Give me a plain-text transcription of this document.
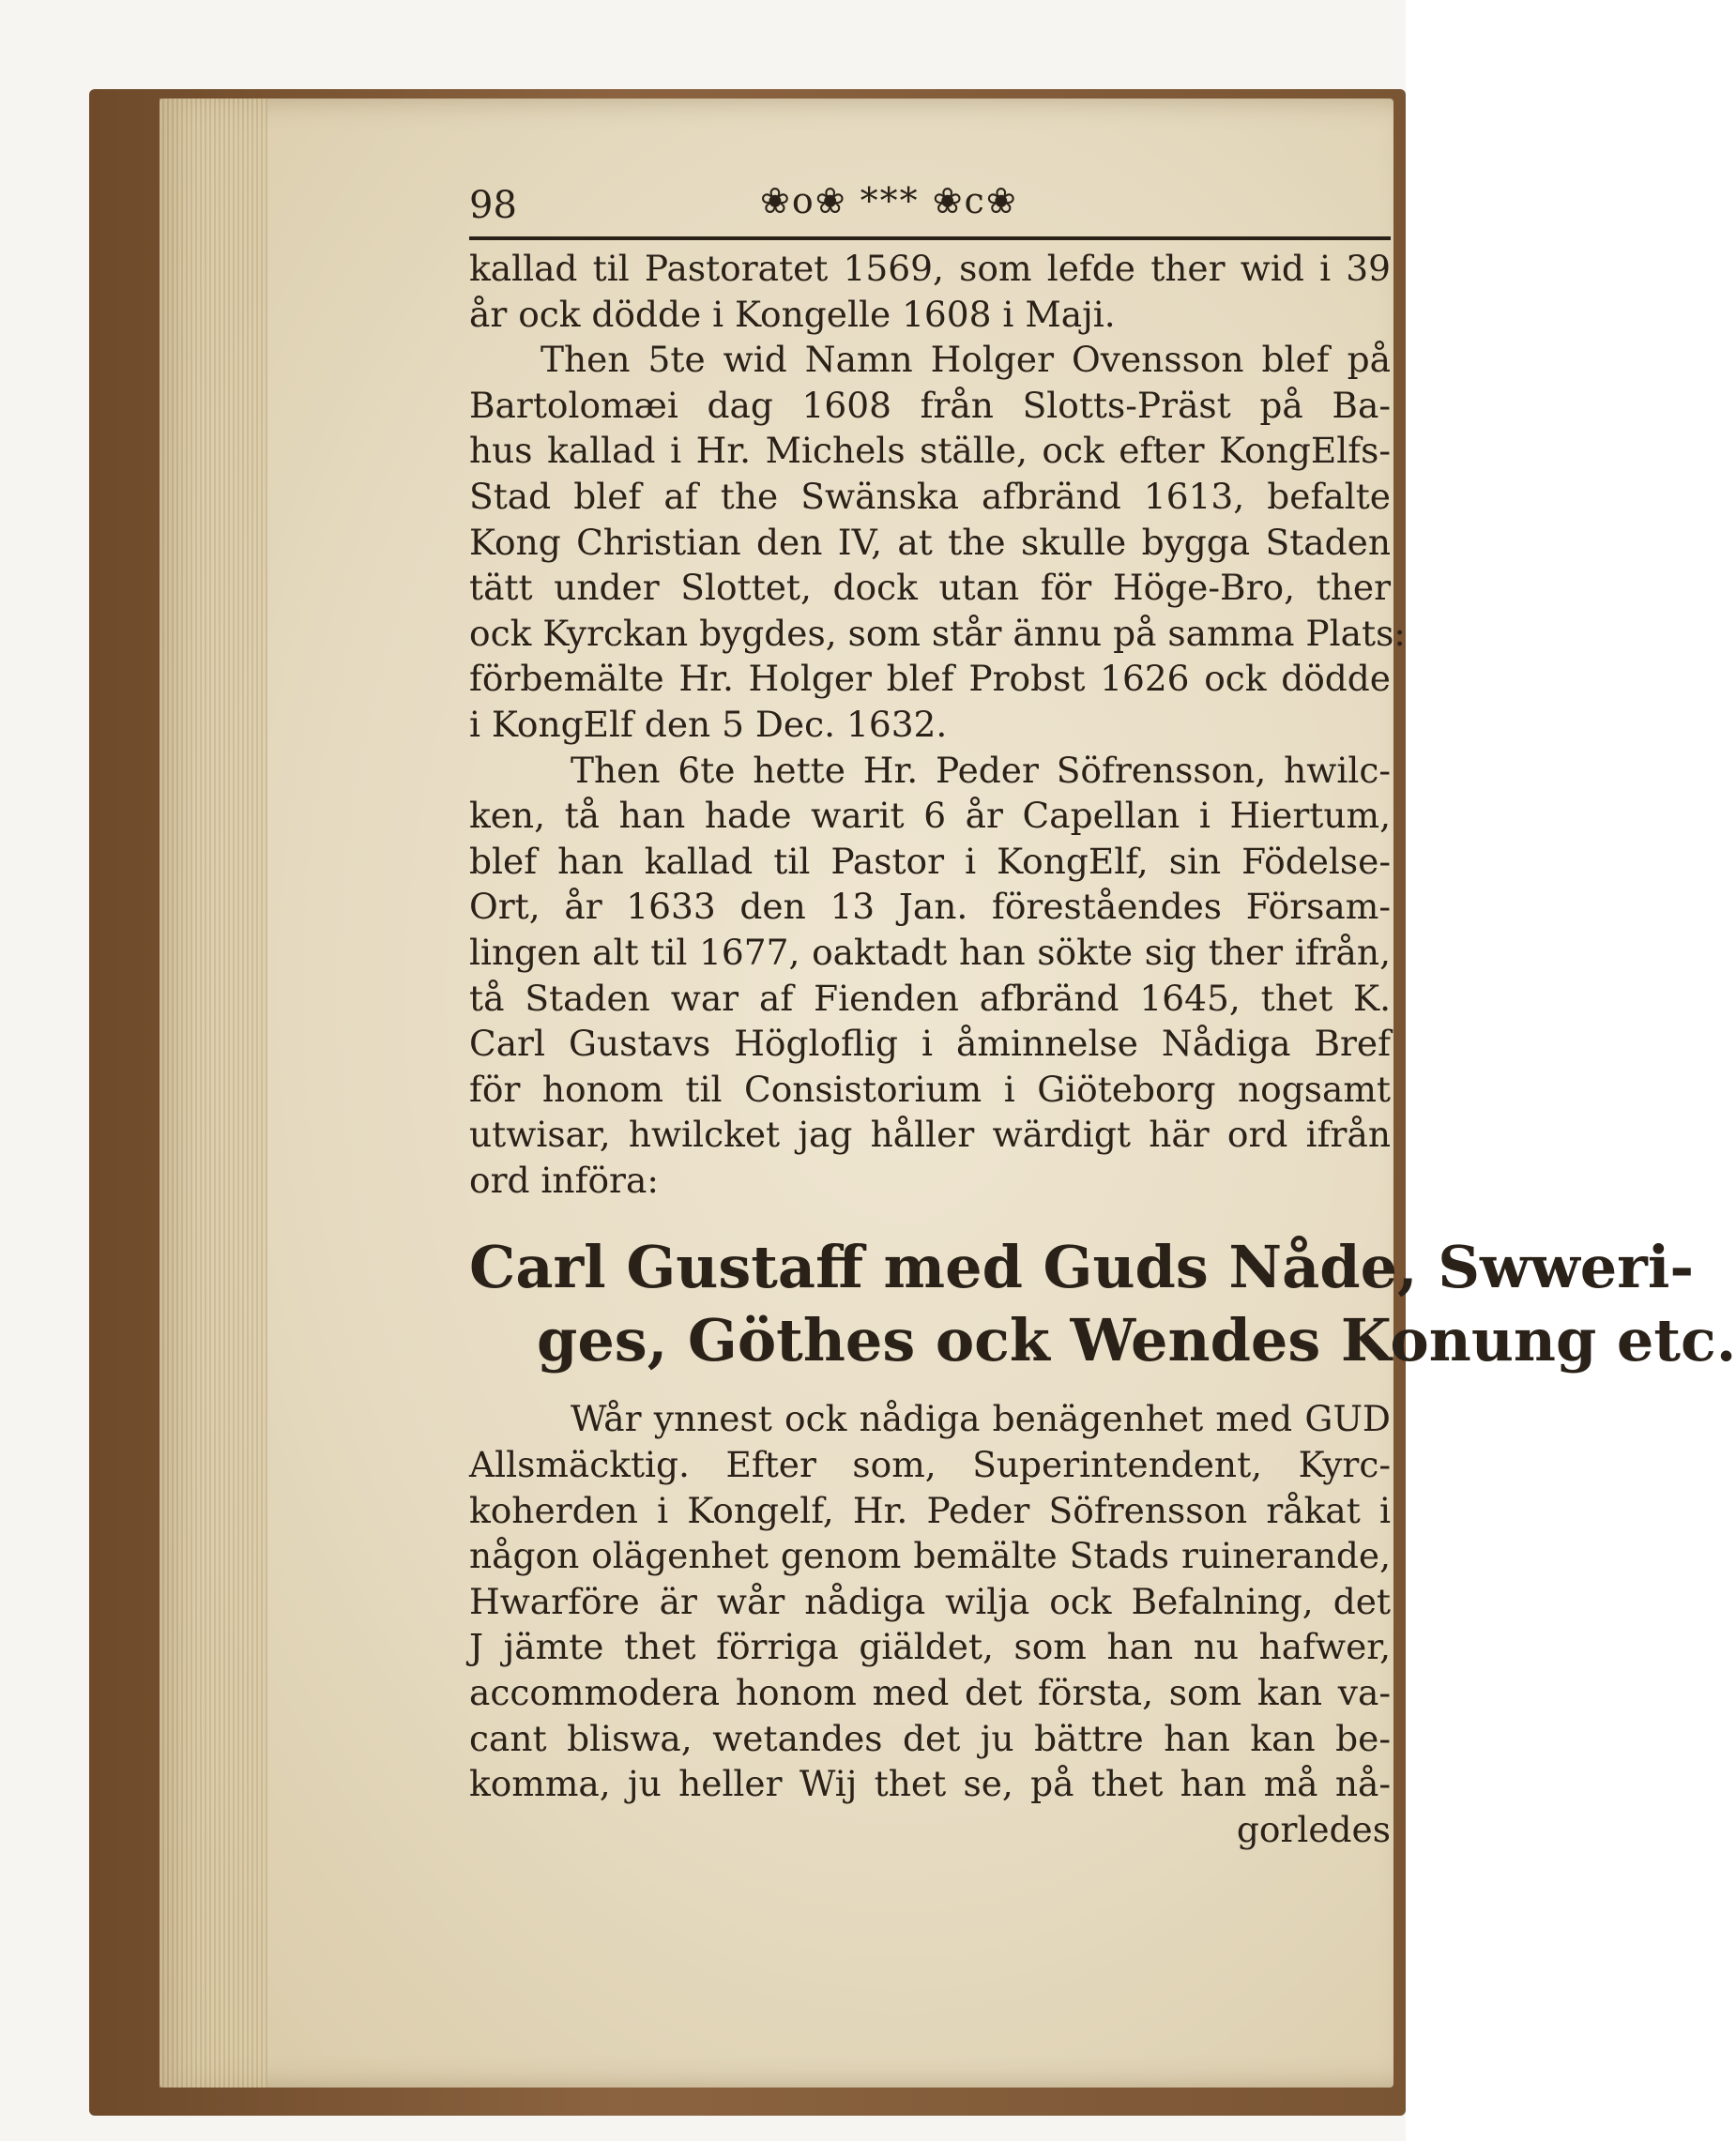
98	❀o❀ *** ❀c❀
kallad til Pastoratet 1569, som lefde ther wid i 39
år ock dödde i Kongelle 1608 i Maji.
Then 5te wid Namn Holger Ovensson blef på
Bartolomæi dag 1608 från Slotts-Präst på Ba-
hus kallad i Hr. Michels ställe, ock efter KongElfs-
Stad blef af the Swänska afbränd 1613, befalte
Kong Christian den IV, at the skulle bygga Staden
tätt under Slottet, dock utan för Höge-Bro, ther
ock Kyrckan bygdes, som står ännu på samma Plats:
förbemälte Hr. Holger blef Probst 1626 ock dödde
i KongElf den 5 Dec. 1632.
Then 6te hette Hr. Peder Söfrensson, hwilc-
ken, tå han hade warit 6 år Capellan i Hiertum,
blef han kallad til Pastor i KongElf, sin Födelse-
Ort, år 1633 den 13 Jan. föreståendes Försam-
lingen alt til 1677, oaktadt han sökte sig ther ifrån,
tå Staden war af Fienden afbränd 1645, thet K.
Carl Gustavs Högloflig i åminnelse Nådiga Bref
för honom til Consistorium i Giöteborg nogsamt
utwisar, hwilcket jag håller wärdigt här ord ifrån
ord införa:
Carl Gustaff med Guds Nåde, Swweri-
ges, Göthes ock Wendes Konung etc.
Wår ynnest ock nådiga benägenhet med GUD
Allsmäcktig. Efter som, Superintendent, Kyrc-
koherden i Kongelf, Hr. Peder Söfrensson råkat i
någon olägenhet genom bemälte Stads ruinerande,
Hwarföre är wår nådiga wilja ock Befalning, det
J jämte thet förriga giäldet, som han nu hafwer,
accommodera honom med det första, som kan va-
cant bliswa, wetandes det ju bättre han kan be-
komma, ju heller Wij thet se, på thet han må nå-
gorledes
